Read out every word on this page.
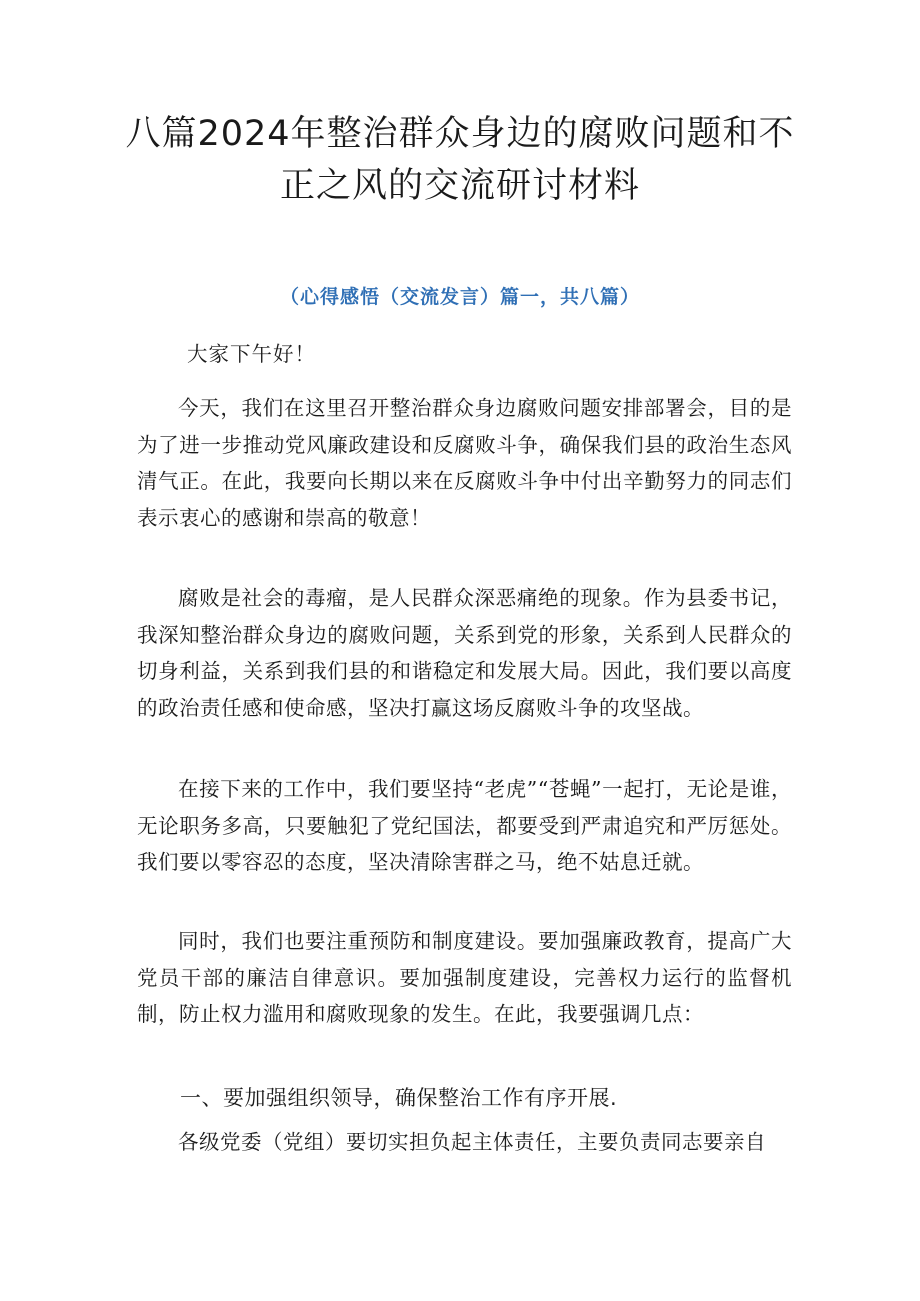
八篇2024年整治群众身边的腐败问题和不正之风的交流研讨材料
（心得感悟（交流发言）篇一，共八篇）
大家下午好！
今天，我们在这里召开整治群众身边腐败问题安排部署会，目的是为了进一步推动党风廉政建设和反腐败斗争，确保我们县的政治生态风清气正。在此，我要向长期以来在反腐败斗争中付出辛勤努力的同志们表示衷心的感谢和崇高的敬意！
腐败是社会的毒瘤，是人民群众深恶痛绝的现象。作为县委书记，我深知整治群众身边的腐败问题，关系到党的形象，关系到人民群众的切身利益，关系到我们县的和谐稳定和发展大局。因此，我们要以高度的政治责任感和使命感，坚决打赢这场反腐败斗争的攻坚战。
在接下来的工作中，我们要坚持“老虎”“苍蝇”一起打，无论是谁，无论职务多高，只要触犯了党纪国法，都要受到严肃追究和严厉惩处。我们要以零容忍的态度，坚决清除害群之马，绝不姑息迁就。
同时，我们也要注重预防和制度建设。要加强廉政教育，提高广大党员干部的廉洁自律意识。要加强制度建设，完善权力运行的监督机制，防止权力滥用和腐败现象的发生。在此，我要强调几点：
一、要加强组织领导，确保整治工作有序开展.
各级党委（党组）要切实担负起主体责任，主要负责同志要亲自
